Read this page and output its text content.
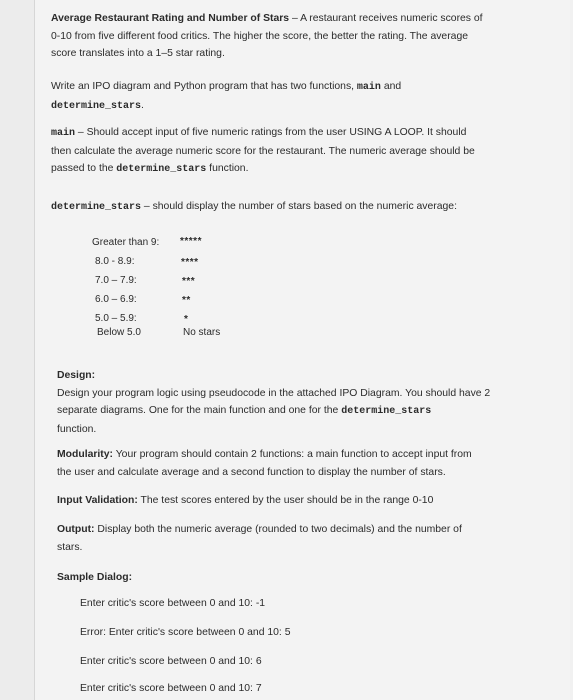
Average Restaurant Rating and Number of Stars – A restaurant receives numeric scores of
0-10 from five different food critics. The higher the score, the better the rating. The average
score translates into a 1–5 star rating.
Write an IPO diagram and Python program that has two functions, main and
determine_stars.
main – Should accept input of five numeric ratings from the user USING A LOOP. It should
then calculate the average numeric score for the restaurant. The numeric average should be
passed to the determine_stars function.
determine_stars – should display the number of stars based on the numeric average:
Greater than 9: *****
8.0 - 8.9:	****
7.0 – 7.9:	***
6.0 – 6.9:	**
5.0 – 5.9:	*
Below 5.0	No stars
Design:
Design your program logic using pseudocode in the attached IPO Diagram. You should have 2
separate diagrams. One for the main function and one for the determine_stars
function.
Modularity: Your program should contain 2 functions: a main function to accept input from
the user and calculate average and a second function to display the number of stars.
Input Validation: The test scores entered by the user should be in the range 0-10
Output: Display both the numeric average (rounded to two decimals) and the number of
stars.
Sample Dialog:
Enter critic's score between 0 and 10: -1
Error: Enter critic's score between 0 and 10: 5
Enter critic's score between 0 and 10: 6
Enter critic's score between 0 and 10: 7
